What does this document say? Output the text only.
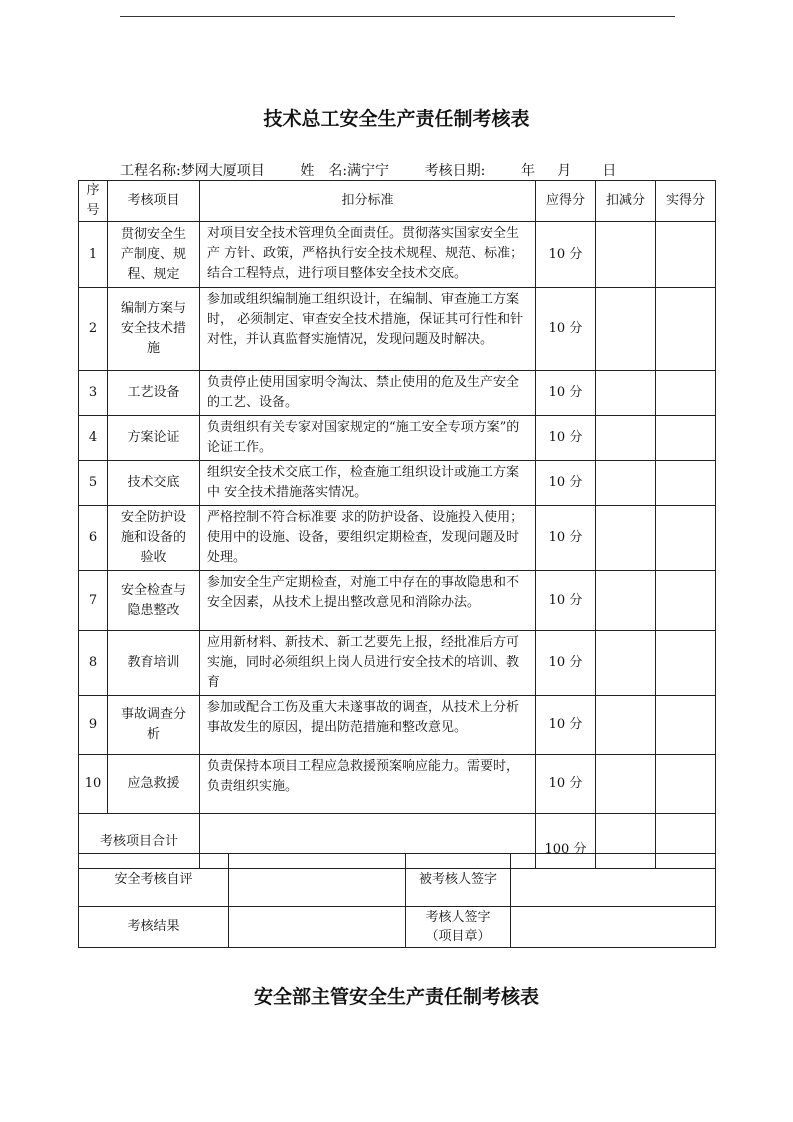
技术总工安全生产责任制考核表
工程名称:梦网大厦项目	姓　名:满宁宁	考核日期:	年 月 日
序号	考核项目	扣分标准	应得分	扣减分	实得分
1	贯彻安全生产制度、规程、规定	对项目安全技术管理负全面责任。贯彻落实国家安全生产 方针、政策，严格执行安全技术规程、规范、标准；结合工程特点，进行项目整体安全技术交底。	10 分		
2	编制方案与安全技术措施	参加或组织编制施工组织设计，在编制、审查施工方案时， 必须制定、审查安全技术措施，保证其可行性和针对性，并认真监督实施情况，发现问题及时解决。	10 分		
3	工艺设备	负责停止使用国家明令淘汰、禁止使用的危及生产安全的工艺、设备。	10 分		
4	方案论证	负责组织有关专家对国家规定的“施工安全专项方案”的论证工作。	10 分		
5	技术交底	组织安全技术交底工作，检查施工组织设计或施工方案中 安全技术措施落实情况。	10 分		
6	安全防护设施和设备的验收	严格控制不符合标准要 求的防护设备、设施投入使用；使用中的设施、设备，要组织定期检查，发现问题及时处理。	10 分		
7	安全检查与隐患整改	参加安全生产定期检查，对施工中存在的事故隐患和不安全因素，从技术上提出整改意见和消除办法。	10 分		
8	教育培训	应用新材料、新技术、新工艺要先上报，经批准后方可实施，同时必须组织上岗人员进行安全技术的培训、教育	10 分		
9	事故调查分析	参加或配合工伤及重大未遂事故的调查，从技术上分析事故发生的原因，提出防范措施和整改意见。	10 分		
10	应急救援	负责保持本项目工程应急救援预案响应能力。需要时，负责组织实施。	10 分		
考核项目合计			100 分		
安全考核自评		被考核人签字	
考核结果		考核人签字
（项目章）	

安全部主管安全生产责任制考核表
